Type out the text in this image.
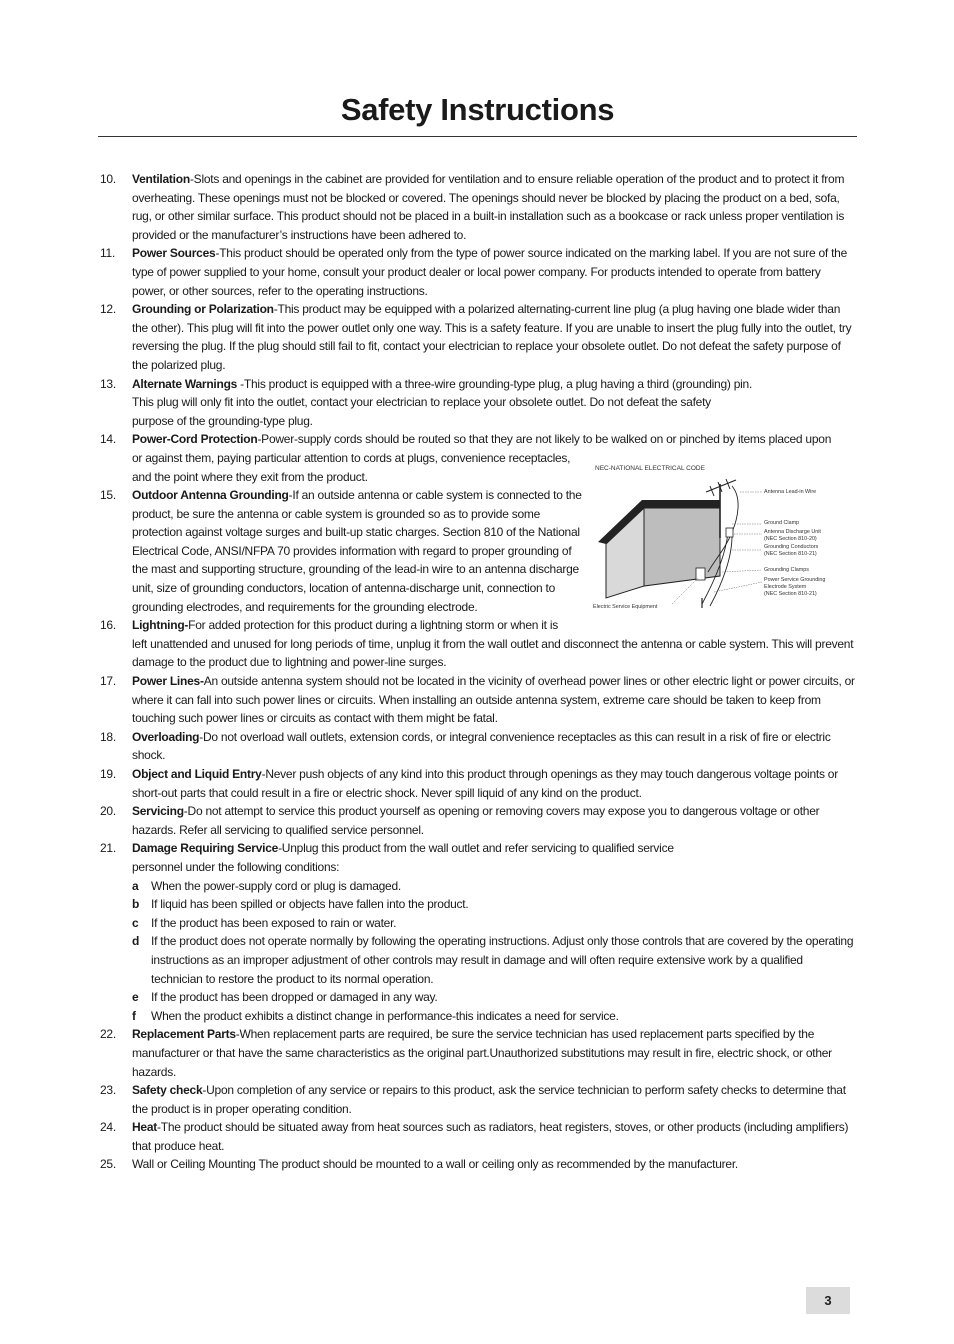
Safety Instructions
10. Ventilation-Slots and openings in the cabinet are provided for ventilation and to ensure reliable operation of the product and to protect it from overheating. These openings must not be blocked or covered. The openings should never be blocked by placing the product on a bed, sofa, rug, or other similar surface. This product should not be placed in a built-in installation such as a bookcase or rack unless proper ventilation is provided or the manufacturer’s instructions have been adhered to.
11. Power Sources-This product should be operated only from the type of power source indicated on the marking label. If you are not sure of the type of power supplied to your home, consult your product dealer or local power company. For products intended to operate from battery power, or other sources, refer to the operating instructions.
12. Grounding or Polarization-This product may be equipped with a polarized alternating-current line plug (a plug having one blade wider than the other). This plug will fit into the power outlet only one way. This is a safety feature. If you are unable to insert the plug fully into the outlet, try reversing the plug. If the plug should still fail to fit, contact your electrician to replace your obsolete outlet. Do not defeat the safety purpose of the polarized plug.
13. Alternate Warnings -This product is equipped with a three-wire grounding-type plug, a plug having a third (grounding) pin.
This plug will only fit into the outlet, contact your electrician to replace your obsolete outlet. Do not defeat the safety
purpose of the grounding-type plug.
14. Power-Cord Protection-Power-supply cords should be routed so that they are not likely to be walked on or pinched by items placed upon
or against them, paying particular attention to cords at plugs, convenience receptacles,
and the point where they exit from the product.
15. Outdoor Antenna Grounding-If an outside antenna or cable system is connected to the product, be sure the antenna or cable system is grounded so as to provide some protection against voltage surges and built-up static charges. Section 810 of the National Electrical Code, ANSI/NFPA 70 provides information with regard to proper grounding of the mast and supporting structure, grounding of the lead-in wire to an antenna discharge unit, size of grounding conductors, location of antenna-discharge unit, connection to grounding electrodes, and requirements for the grounding electrode.
16. Lightning-For added protection for this product during a lightning storm or when it is
left unattended and unused for long periods of time, unplug it from the wall outlet and disconnect the antenna or cable system. This will prevent damage to the product due to lightning and power-line surges.
17. Power Lines-An outside antenna system should not be located in the vicinity of overhead power lines or other electric light or power circuits, or where it can fall into such power lines or circuits. When installing an outside antenna system, extreme care should be taken to keep from touching such power lines or circuits as contact with them might be fatal.
18. Overloading-Do not overload wall outlets, extension cords, or integral convenience receptacles as this can result in a risk of fire or electric shock.
19. Object and Liquid Entry-Never push objects of any kind into this product through openings as they may touch dangerous voltage points or short-out parts that could result in a fire or electric shock. Never spill liquid of any kind on the product.
20. Servicing-Do not attempt to service this product yourself as opening or removing covers may expose you to dangerous voltage or other hazards. Refer all servicing to qualified service personnel.
21. Damage Requiring Service-Unplug this product from the wall outlet and refer servicing to qualified service
personnel under the following conditions:
a When the power-supply cord or plug is damaged.
b If liquid has been spilled or objects have fallen into the product.
c If the product has been exposed to rain or water.
d If the product does not operate normally by following the operating instructions. Adjust only those controls that are covered by the operating instructions as an improper adjustment of other controls may result in damage and will often require extensive work by a qualified technician to restore the product to its normal operation.
e If the product has been dropped or damaged in any way.
f When the product exhibits a distinct change in performance-this indicates a need for service.
22. Replacement Parts-When replacement parts are required, be sure the service technician has used replacement parts specified by the manufacturer or that have the same characteristics as the original part.Unauthorized substitutions may result in fire, electric shock, or other hazards.
23. Safety check-Upon completion of any service or repairs to this product, ask the service technician to perform safety checks to determine that the product is in proper operating condition.
24. Heat-The product should be situated away from heat sources such as radiators, heat registers, stoves, or other products (including amplifiers) that produce heat.
25. Wall or Ceiling Mounting The product should be mounted to a wall or ceiling only as recommended by the manufacturer.
NEC-NATIONAL ELECTRICAL CODE
Antenna Lead-in Wire
Ground Clamp
Antenna Discharge Unit
(NEC Section 810-20)
Grounding Conductors
(NEC Section 810-21)
Grounding Clamps
Power Service Grounding
Electrode System
(NEC Section 810-21)
Electric Service Equipment
3
